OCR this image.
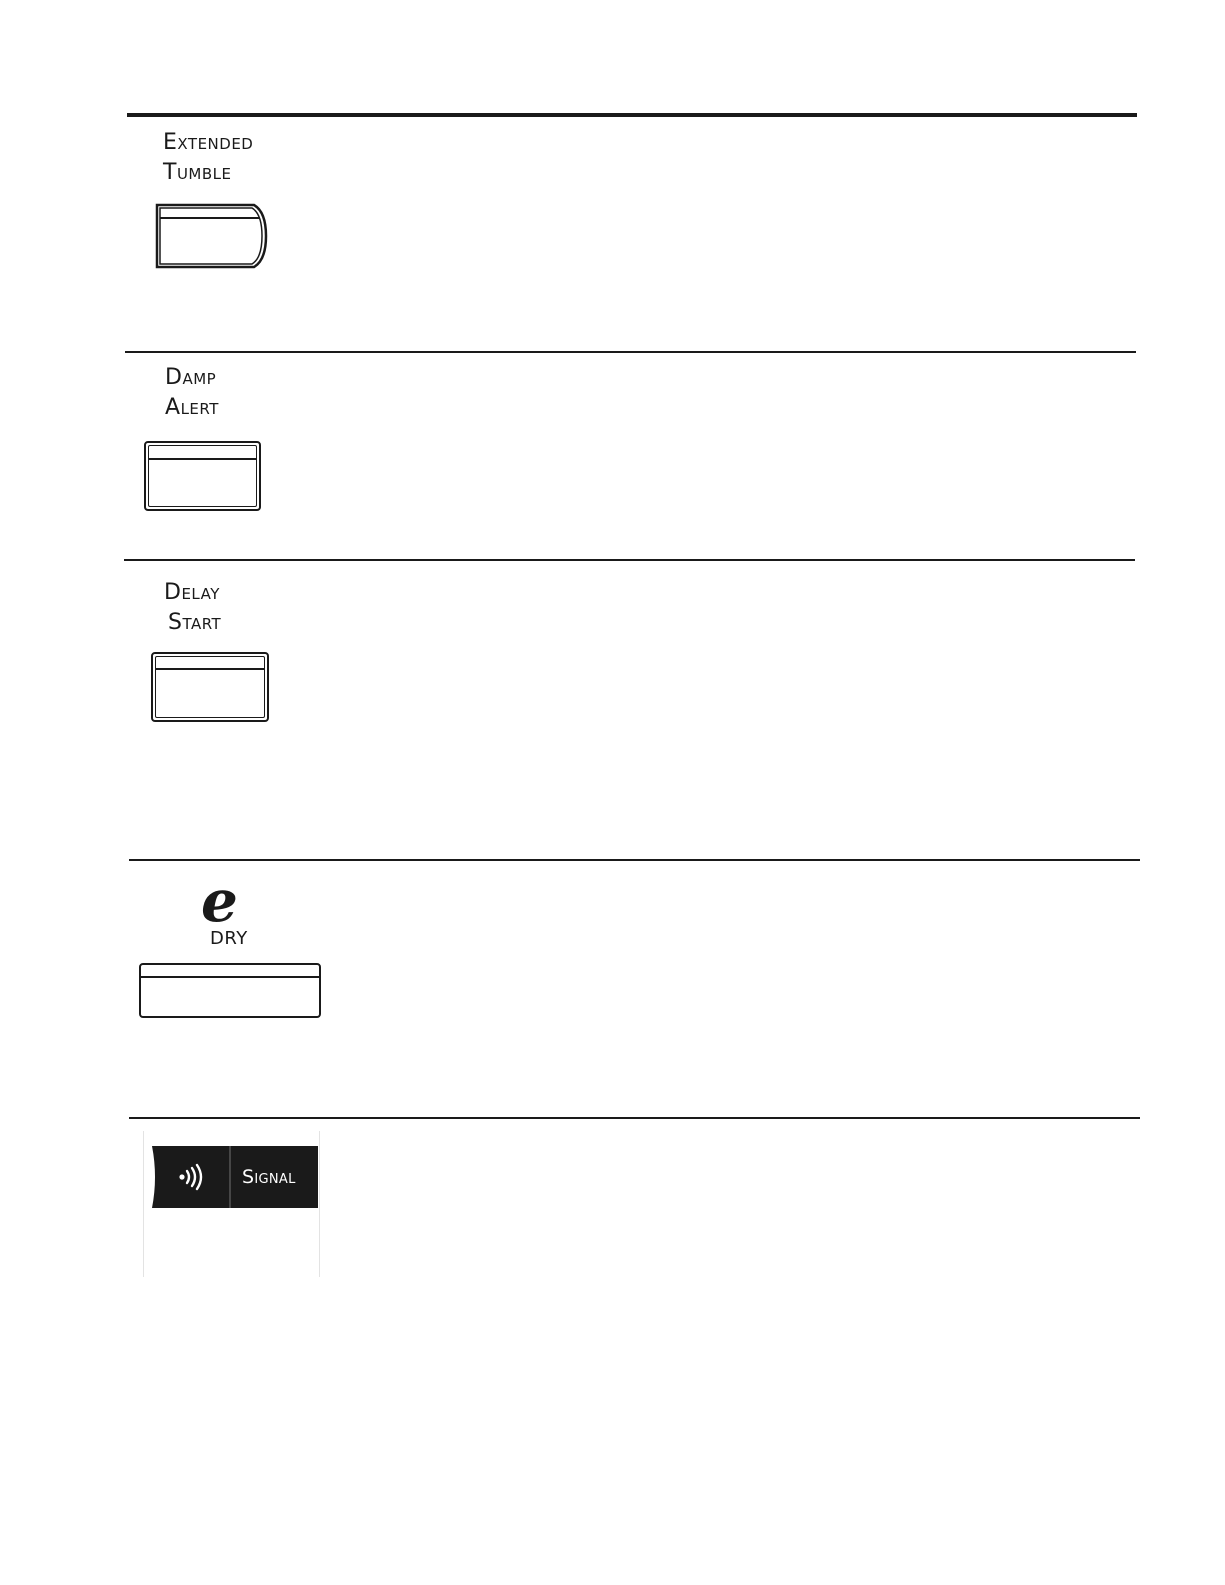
Extended
Tumble
Damp
Alert
Delay
Start
e
DRY
Signal
